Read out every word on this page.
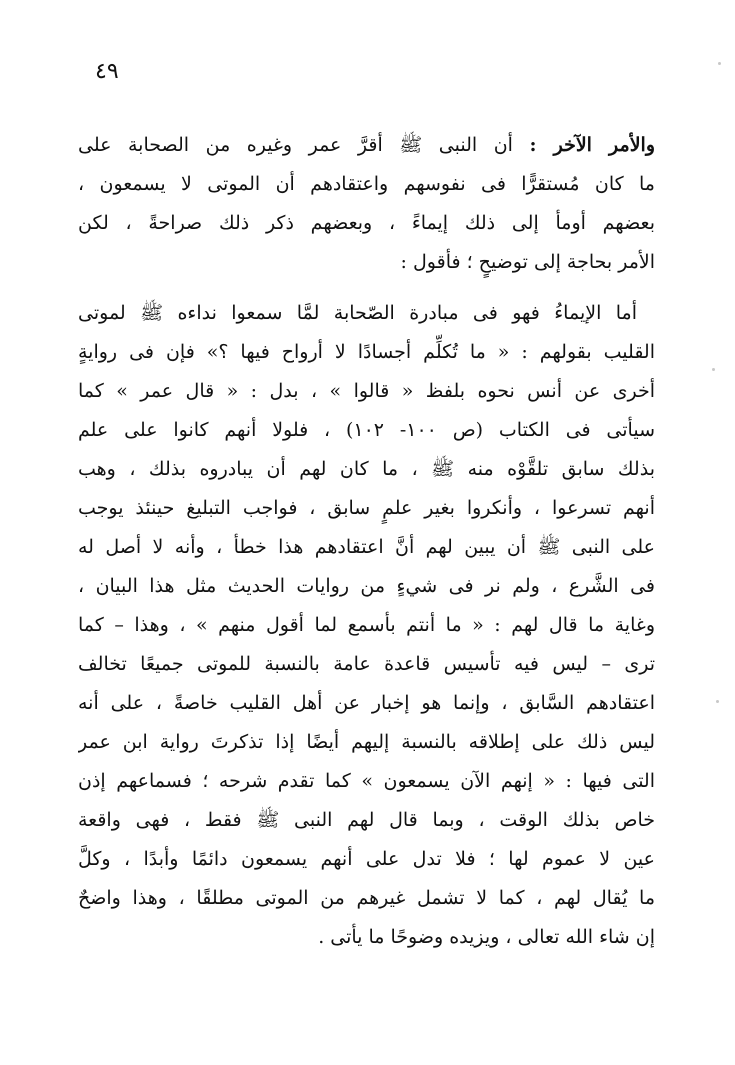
٤٩
والأمر الآخر : أن النبى ﷺ أقرَّ عمر وغيره من الصحابة على
ما كان مُستقرًّا فى نفوسهم واعتقادهم أن الموتى لا يسمعون ،
بعضهم أومأ إلى ذلك إيماءً ، وبعضهم ذكر ذلك صراحةً ، لكن
الأمر بحاجة إلى توضيحٍ ؛ فأقول :
أما الإيماءُ فهو فى مبادرة الصّحابة لمَّا سمعوا نداءه ﷺ لموتى
القليب بقولهم : « ما تُكلِّم أجسادًا لا أرواح فيها ؟» فإن فى روايةٍ
أخرى عن أنس نحوه بلفظ « قالوا » ، بدل : « قال عمر » كما
سيأتى فى الكتاب (ص ١٠٠- ١٠٢) ، فلولا أنهم كانوا على علم
بذلك سابق تلقَّوْه منه ﷺ ، ما كان لهم أن يبادروه بذلك ، وهب
أنهم تسرعوا ، وأنكروا بغير علمٍ سابق ، فواجب التبليغ حينئذ يوجب
على النبى ﷺ أن يبين لهم أنَّ اعتقادهم هذا خطأ ، وأنه لا أصل له
فى الشَّرع ، ولم نر فى شيءٍ من روايات الحديث مثل هذا البيان ،
وغاية ما قال لهم : « ما أنتم بأسمع لما أقول منهم » ، وهذا – كما
ترى – ليس فيه تأسيس قاعدة عامة بالنسبة للموتى جميعًا تخالف
اعتقادهم السَّابق ، وإنما هو إخبار عن أهل القليب خاصةً ، على أنه
ليس ذلك على إطلاقه بالنسبة إليهم أيضًا إذا تذكرتَ رواية ابن عمر
التى فيها : « إنهم الآن يسمعون » كما تقدم شرحه ؛ فسماعهم إذن
خاص بذلك الوقت ، وبما قال لهم النبى ﷺ فقط ، فهى واقعة
عين لا عموم لها ؛ فلا تدل على أنهم يسمعون دائمًا وأبدًا ، وكلَّ
ما يُقال لهم ، كما لا تشمل غيرهم من الموتى مطلقًا ، وهذا واضحٌ
إن شاء الله تعالى ، ويزيده وضوحًا ما يأتى .
